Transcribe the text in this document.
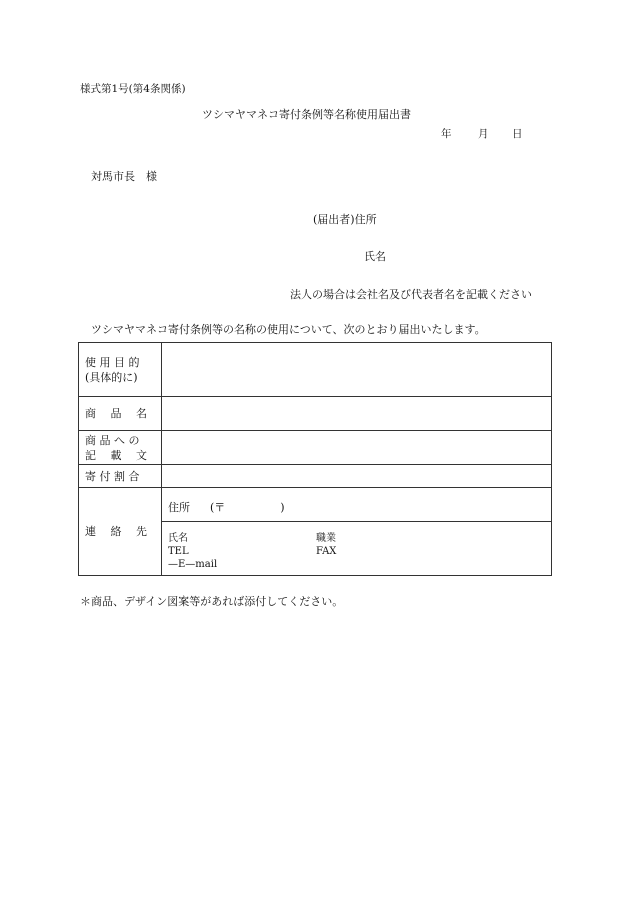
様式第1号(第4条関係)
ツシマヤマネコ寄付条例等名称使用届出書
年	月 日
対馬市長　様
(届出者)住所
氏名
法人の場合は会社名及び代表者名を記載ください
ツシマヤマネコ寄付条例等の名称の使用について、次のとおり届出いたします。
使 用 目 的
(具体的に)	

商　 品　 名	

商 品 へ の
記　 載　 文	

寄 付 割 合	

連　 絡　 先	住所 (〒　　　　　)

	氏名 職業
TEL FAX
—E—mail
＊商品、デザイン図案等があれば添付してください。
